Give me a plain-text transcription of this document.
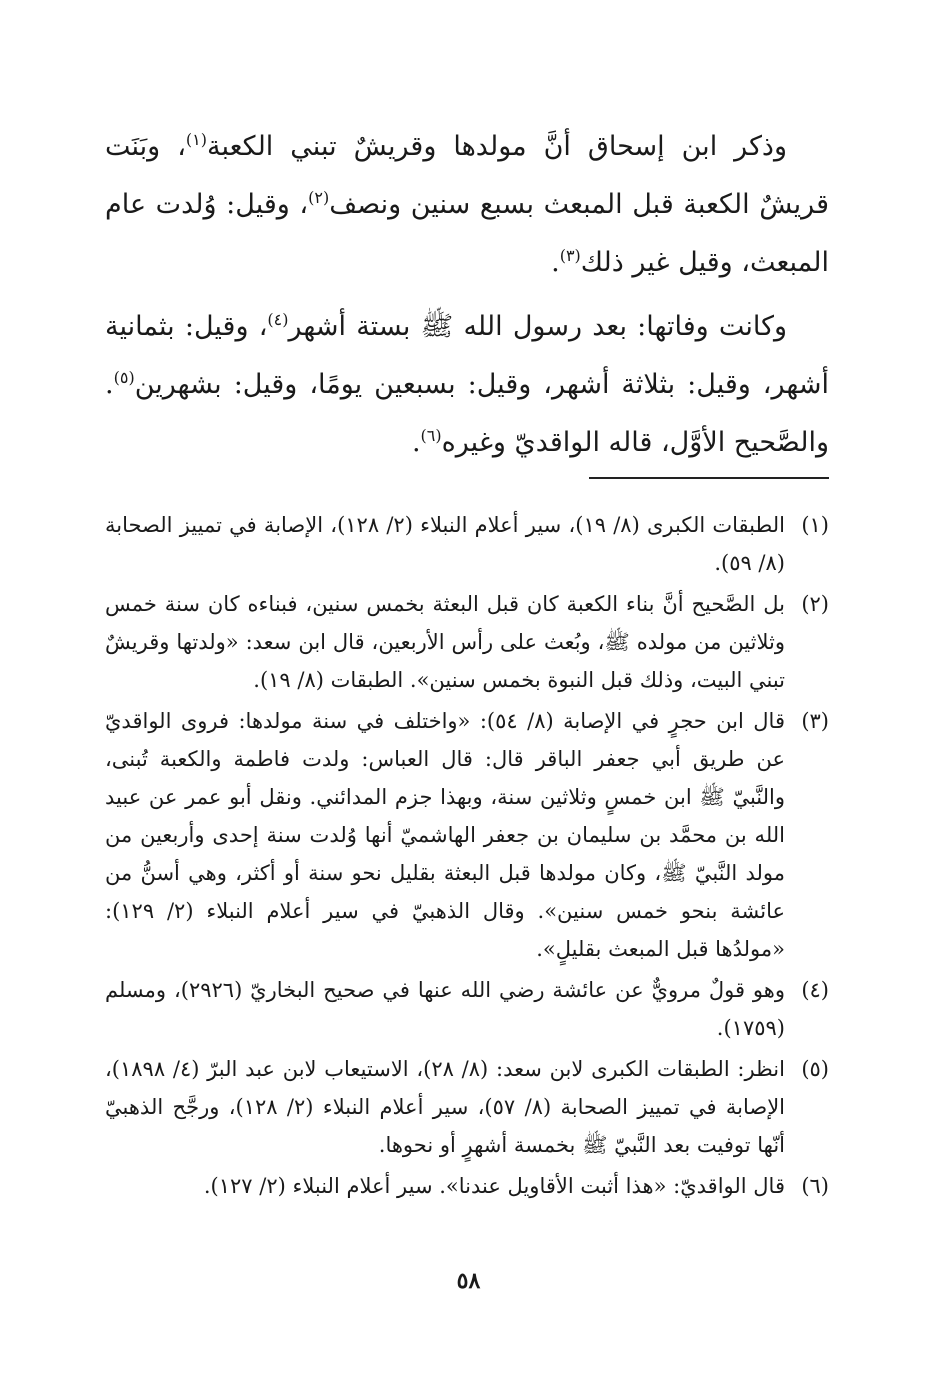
وذكر ابن إسحاق أنَّ مولدها وقريشٌ تبني الكعبة$^{(١)}$، وبَنَت قريشٌ الكعبة قبل المبعث بسبع سنين ونصف$^{(٢)}$، وقيل: وُلدت عام المبعث، وقيل غير ذلك$^{(٣)}$.

وكانت وفاتها: بعد رسول الله ﷺ بستة أشهر$^{(٤)}$، وقيل: بثمانية أشهر، وقيل: بثلاثة أشهر، وقيل: بسبعين يومًا، وقيل: بشهرين$^{(٥)}$. والصَّحيح الأوَّل، قاله الواقديّ وغيره$^{(٦)}$.

(١)
الطبقات الكبرى (٨/ ١٩)، سير أعلام النبلاء (٢/ ١٢٨)، الإصابة في تمييز الصحابة (٨/ ٥٩).
(٢)
بل الصَّحيح أنَّ بناء الكعبة كان قبل البعثة بخمس سنين، فبناءه كان سنة خمس وثلاثين من مولده ﷺ، وبُعث على رأس الأربعين، قال ابن سعد: «ولدتها وقريشٌ تبني البيت، وذلك قبل النبوة بخمس سنين». الطبقات (٨/ ١٩).
(٣)
قال ابن حجرٍ في الإصابة (٨/ ٥٤): «واختلف في سنة مولدها: فروى الواقديّ عن طريق أبي جعفر الباقر قال: قال العباس: ولدت فاطمة والكعبة تُبنى، والنَّبيّ ﷺ ابن خمسٍ وثلاثين سنة، وبهذا جزم المدائني. ونقل أبو عمر عن عبيد الله بن محمَّد بن سليمان بن جعفر الهاشميّ أنها وُلدت سنة إحدى وأربعين من مولد النَّبيّ ﷺ، وكان مولدها قبل البعثة بقليل نحو سنة أو أكثر، وهي أسنُّ من عائشة بنحو خمس سنين». وقال الذهبيّ في سير أعلام النبلاء (٢/ ١٢٩): «مولدُها قبل المبعث بقليلٍ».
(٤)
وهو قولٌ مرويٌّ عن عائشة رضي الله عنها في صحيح البخاريّ (٢٩٢٦)، ومسلم (١٧٥٩).
(٥)
انظر: الطبقات الكبرى لابن سعد: (٨/ ٢٨)، الاستيعاب لابن عبد البرّ (٤/ ١٨٩٨)، الإصابة في تمييز الصحابة (٨/ ٥٧)، سير أعلام النبلاء (٢/ ١٢٨)، ورجَّح الذهبيّ أنّها توفيت بعد النَّبيّ ﷺ بخمسة أشهرٍ أو نحوها.
(٦)
قال الواقديّ: «هذا أثبت الأقاويل عندنا». سير أعلام النبلاء (٢/ ١٢٧).
٥٨
